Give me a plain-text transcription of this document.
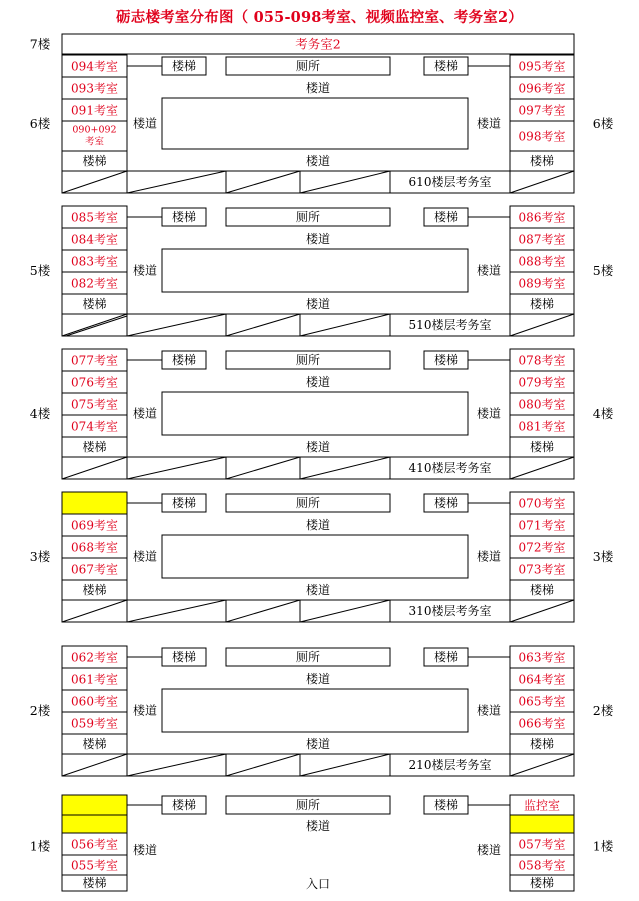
砺志楼考室分布图（ 055-098考室、视频监控室、考务室2）
7楼	考务室2
094考室
093考室
091考室
090+092
考室
楼梯
095考室
096考室
097考室
098考室
楼梯
楼梯	厕所	楼梯
楼道
楼道	楼道
楼道
6楼	6楼
610楼层考务室
085考室
084考室
083考室
082考室
楼梯
086考室
087考室
088考室
089考室
楼梯
楼梯	厕所	楼梯
楼道
楼道	楼道
楼道
5楼	5楼
510楼层考务室
077考室
076考室
075考室
074考室
楼梯
078考室
079考室
080考室
081考室
楼梯
楼梯	厕所	楼梯
楼道
楼道	楼道
楼道
4楼	4楼
410楼层考务室
069考室
068考室
067考室
楼梯
070考室
071考室
072考室
073考室
楼梯
楼梯	厕所	楼梯
楼道
楼道	楼道
楼道
3楼	3楼
310楼层考务室
062考室
061考室
060考室
059考室
楼梯
063考室
064考室
065考室
066考室
楼梯
楼梯	厕所	楼梯
楼道
楼道	楼道
楼道
2楼	2楼
210楼层考务室
056考室
055考室
楼梯
监控室
057考室
058考室
楼梯
楼梯	厕所	楼梯
楼道
楼道	楼道
1楼	1楼
入口
